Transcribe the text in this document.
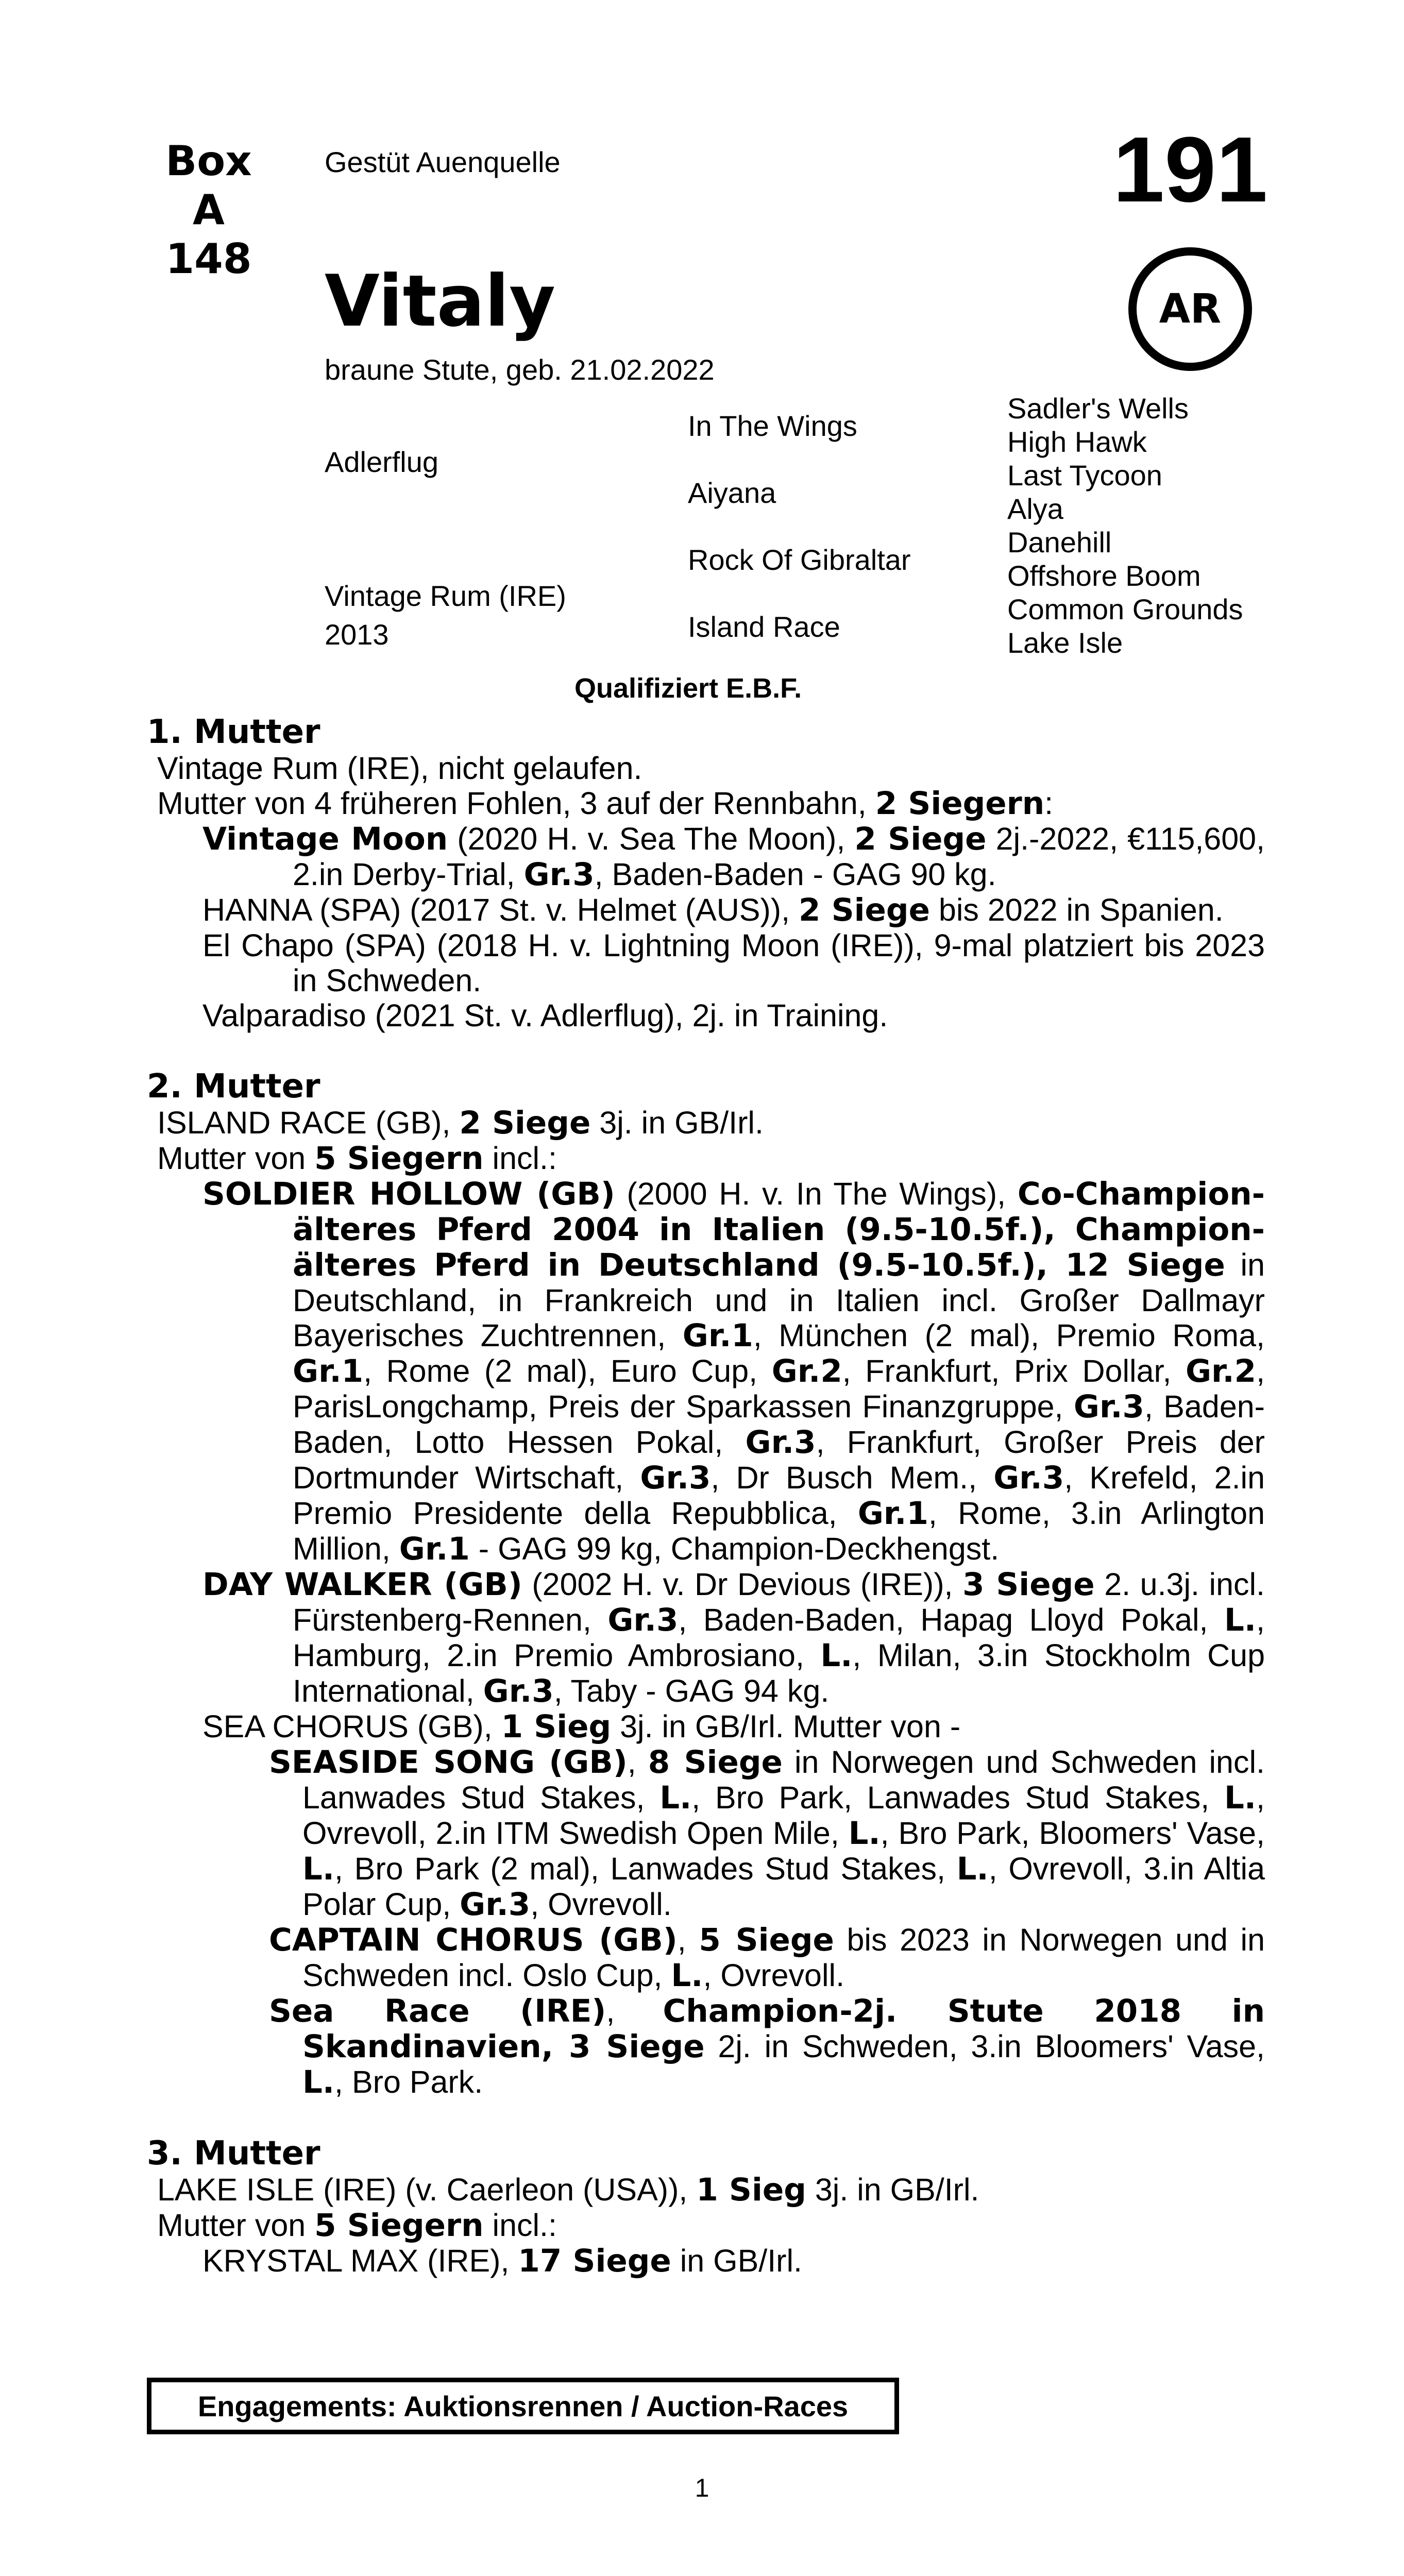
Box
A 148
Gestüt Auenquelle	191
AR
Vitaly
braune Stute, geb. 21.02.2022
Adlerflug
Vintage Rum (IRE)
2013
In The Wings
Aiyana
Rock Of Gibraltar
Island Race
Sadler's Wells
High Hawk
Last Tycoon
Alya
Danehill
Offshore Boom
Common Grounds
Lake Isle
Qualifiziert E.B.F.
1. Mutter
Vintage Rum (IRE), nicht gelaufen.
Mutter von 4 früheren Fohlen, 3 auf der Rennbahn, 2 Siegern:
Vintage Moon (2020 H. v. Sea The Moon), 2 Siege 2j.-2022, €115,600, 2.in Derby-Trial, Gr.3, Baden-Baden - GAG 90 kg.
HANNA (SPA) (2017 St. v. Helmet (AUS)), 2 Siege bis 2022 in Spanien.
El Chapo (SPA) (2018 H. v. Lightning Moon (IRE)), 9-mal platziert bis 2023 in Schweden.
Valparadiso (2021 St. v. Adlerflug), 2j. in Training.
2. Mutter
ISLAND RACE (GB), 2 Siege 3j. in GB/Irl.
Mutter von 5 Siegern incl.:
SOLDIER HOLLOW (GB) (2000 H. v. In The Wings), Co-Champion-älteres Pferd 2004 in Italien (9.5-10.5f.), Champion-älteres Pferd in Deutschland (9.5-10.5f.), 12 Siege in Deutschland, in Frankreich und in Italien incl. Großer Dallmayr Bayerisches Zuchtrennen, Gr.1, München (2 mal), Premio Roma, Gr.1, Rome (2 mal), Euro Cup, Gr.2, Frankfurt, Prix Dollar, Gr.2, ParisLongchamp, Preis der Sparkassen Finanzgruppe, Gr.3, Baden-Baden, Lotto Hessen Pokal, Gr.3, Frankfurt, Großer Preis der Dortmunder Wirtschaft, Gr.3, Dr Busch Mem., Gr.3, Krefeld, 2.in Premio Presidente della Repubblica, Gr.1, Rome, 3.in Arlington Million, Gr.1 - GAG 99 kg, Champion-Deckhengst.
DAY WALKER (GB) (2002 H. v. Dr Devious (IRE)), 3 Siege 2. u.3j. incl. Fürstenberg-Rennen, Gr.3, Baden-Baden, Hapag Lloyd Pokal, L., Hamburg, 2.in Premio Ambrosiano, L., Milan, 3.in Stockholm Cup International, Gr.3, Taby - GAG 94 kg.
SEA CHORUS (GB), 1 Sieg 3j. in GB/Irl. Mutter von -
SEASIDE SONG (GB), 8 Siege in Norwegen und Schweden incl. Lanwades Stud Stakes, L., Bro Park, Lanwades Stud Stakes, L., Ovrevoll, 2.in ITM Swedish Open Mile, L., Bro Park, Bloomers' Vase, L., Bro Park (2 mal), Lanwades Stud Stakes, L., Ovrevoll, 3.in Altia Polar Cup, Gr.3, Ovrevoll.
CAPTAIN CHORUS (GB), 5 Siege bis 2023 in Norwegen und in Schweden incl. Oslo Cup, L., Ovrevoll.
Sea Race (IRE), Champion-2j. Stute 2018 in Skandinavien, 3 Siege 2j. in Schweden, 3.in Bloomers' Vase, L., Bro Park.
3. Mutter
LAKE ISLE (IRE) (v. Caerleon (USA)), 1 Sieg 3j. in GB/Irl.
Mutter von 5 Siegern incl.:
KRYSTAL MAX (IRE), 17 Siege in GB/Irl.
Engagements: Auktionsrennen / Auction-Races
1
